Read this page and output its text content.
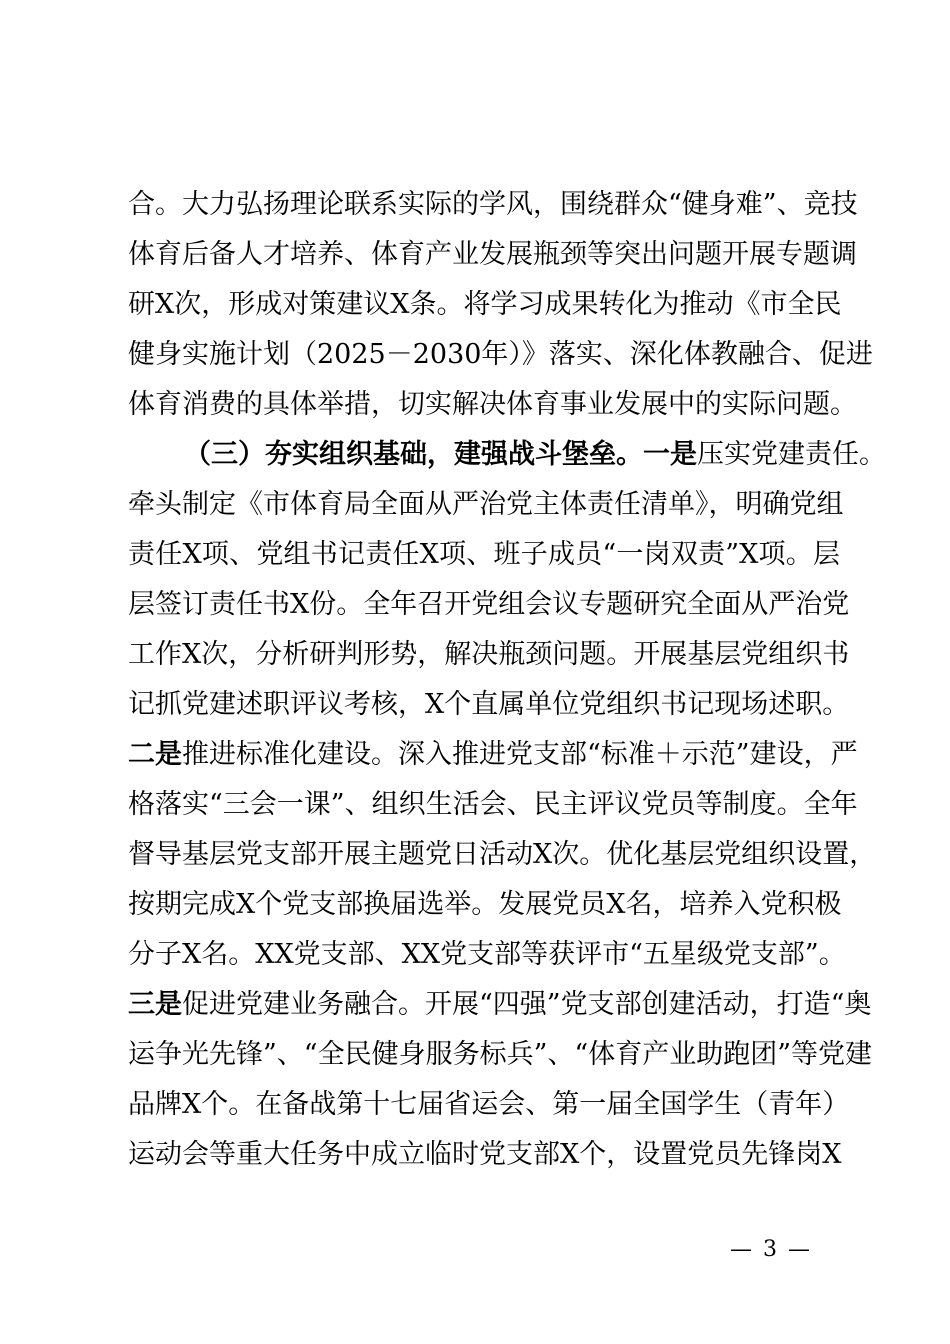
合。大力弘扬理论联系实际的学风，围绕群众“健身难”、竞技
体育后备人才培养、体育产业发展瓶颈等突出问题开展专题调
研X次，形成对策建议X条。将学习成果转化为推动《市全民
健身实施计划（2025－2030年）》落实、深化体教融合、促进
体育消费的具体举措，切实解决体育事业发展中的实际问题。
（三）夯实组织基础，建强战斗堡垒。一是压实党建责任。
牵头制定《市体育局全面从严治党主体责任清单》，明确党组
责任X项、党组书记责任X项、班子成员“一岗双责”X项。层
层签订责任书X份。全年召开党组会议专题研究全面从严治党
工作X次，分析研判形势，解决瓶颈问题。开展基层党组织书
记抓党建述职评议考核，X个直属单位党组织书记现场述职。
二是推进标准化建设。深入推进党支部“标准＋示范”建设，严
格落实“三会一课”、组织生活会、民主评议党员等制度。全年
督导基层党支部开展主题党日活动X次。优化基层党组织设置，
按期完成X个党支部换届选举。发展党员X名，培养入党积极
分子X名。XX党支部、XX党支部等获评市“五星级党支部”。
三是促进党建业务融合。开展“四强”党支部创建活动，打造“奥
运争光先锋”、“全民健身服务标兵”、“体育产业助跑团”等党建
品牌X个。在备战第十七届省运会、第一届全国学生（青年）
运动会等重大任务中成立临时党支部X个，设置党员先锋岗X
— 3 —
